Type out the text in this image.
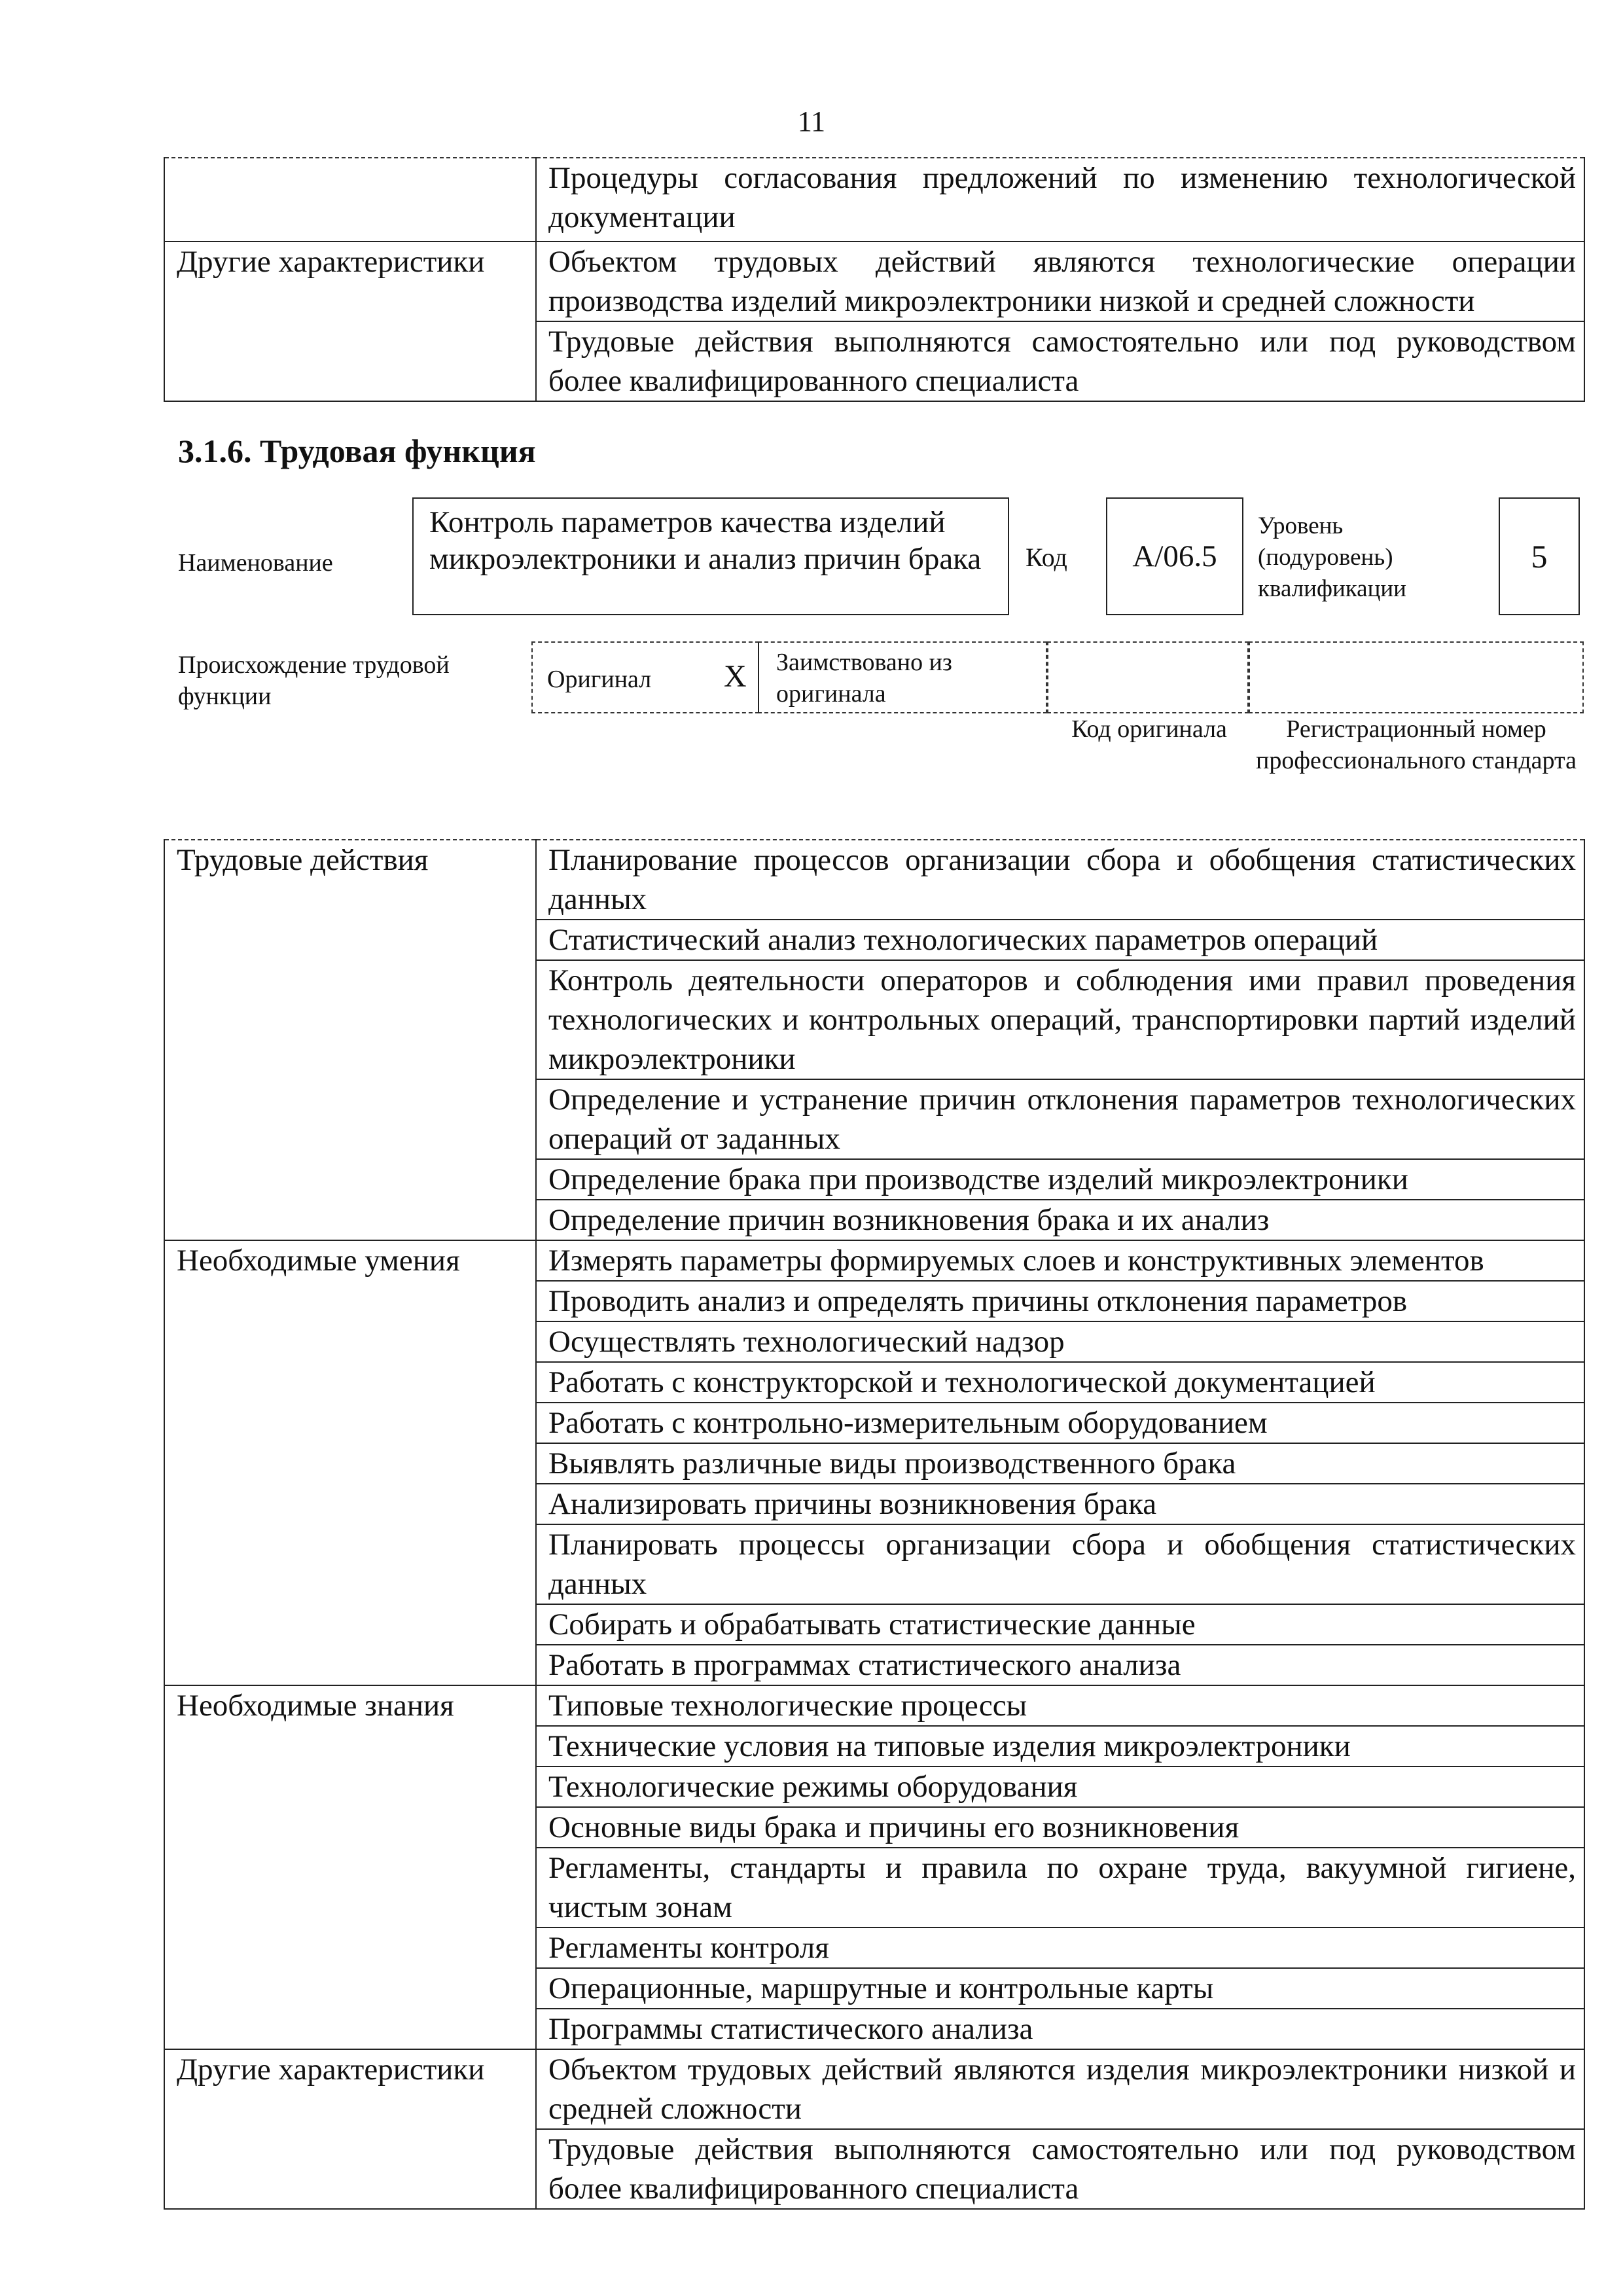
11
	Процедуры согласования предложений по изменению технологической документации
Другие характеристики	Объектом трудовых действий являются технологические операции производства изделий микроэлектроники низкой и средней сложности
	Трудовые действия выполняются самостоятельно или под руководством более квалифицированного специалиста
3.1.6. Трудовая функция
Наименование
Контроль параметров качества изделий микроэлектроники и анализ причин брака	Код A/06.5
Уровень (подуровень) квалификации
5
Происхождение трудовой функции
Оригинал X Заимствовано из оригинала
Код оригинала	Регистрационный номер профессионального стандарта
Трудовые действия	Планирование процессов организации сбора и обобщения статистических данных
	Статистический анализ технологических параметров операций
	Контроль деятельности операторов и соблюдения ими правил проведения технологических и контрольных операций, транспортировки партий изделий микроэлектроники
	Определение и устранение причин отклонения параметров технологических операций от заданных
	Определение брака при производстве изделий микроэлектроники
	Определение причин возникновения брака и их анализ
Необходимые умения	Измерять параметры формируемых слоев и конструктивных элементов
	Проводить анализ и определять причины отклонения параметров
	Осуществлять технологический надзор
	Работать с конструкторской и технологической документацией
	Работать с контрольно-измерительным оборудованием
	Выявлять различные виды производственного брака
	Анализировать причины возникновения брака
	Планировать процессы организации сбора и обобщения статистических данных
	Собирать и обрабатывать статистические данные
	Работать в программах статистического анализа
Необходимые знания	Типовые технологические процессы
	Технические условия на типовые изделия микроэлектроники
	Технологические режимы оборудования
	Основные виды брака и причины его возникновения
	Регламенты, стандарты и правила по охране труда, вакуумной гигиене, чистым зонам
	Регламенты контроля
	Операционные, маршрутные и контрольные карты
	Программы статистического анализа
Другие характеристики	Объектом трудовых действий являются изделия микроэлектроники низкой и средней сложности
	Трудовые действия выполняются самостоятельно или под руководством более квалифицированного специалиста
